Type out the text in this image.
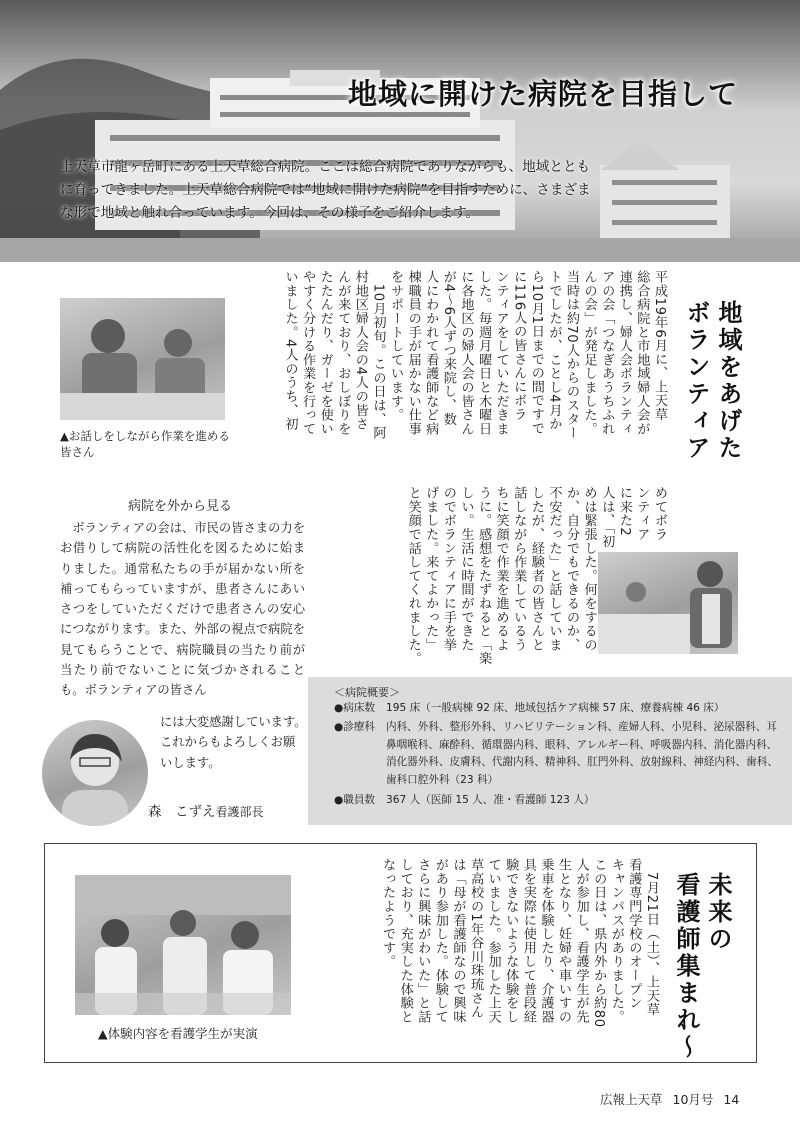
地域に開けた病院を目指して
上天草市龍ヶ岳町にある上天草総合病院。ここは総合病院でありながらも、地域とともに育ってきました。上天草総合病院では“地域に開けた病院”を目指すために、さまざまな形で地域と触れ合っています。今回は、その様子をご紹介します。
地域をあげた
ボランティア
平成19年6月に、上天草
総合病院と市地域婦人会が
連携し、婦人会ボランティ
アの会「つなぎあうちふれ
んの会」が発足しました。
当時は約70人からのスター
トでしたが、ことし4月か
ら10月1日までの間ですで
に116人の皆さんにボラ
ンティアをしていただきま
した。毎週月曜日と木曜日
に各地区の婦人会の皆さん
が4～6人ずつ来院し、数
人にわかれて看護師など病
棟職員の手が届かない仕事
をサポートしています。
　10月初旬。この日は、阿
村地区婦人会の4人の皆さ
んが来ており、おしぼりを
たたんだり、ガーゼを使い
やすく分ける作業を行って
いました。4人のうち、初
めてボラ
ンティア
に来た2
人は、「初
めは緊張した。何をするの
か、自分でもできるのか、
不安だった」と話していま
したが、経験者の皆さんと
話しながら作業しているう
ちに笑顔で作業を進めるよ
うに。感想をたずねると「楽
しい。生活に時間ができた
のでボランティアに手を挙
げました。来てよかった」
と笑顔で話してくれました。
▲お話しをしながら作業を進める皆さん
病院を外から見る
　ボランティアの会は、市民の皆さまの力をお借りして病院の活性化を図るために始まりました。通常私たちの手が届かない所を補ってもらっていますが、患者さんにあいさつをしていただくだけで患者さんの安心につながります。また、外部の視点で病院を見てもらうことで、病院職員の当たり前が当たり前でないことに気づかされることも。ボランティアの皆さん
には大変感謝しています。
これからもよろしくお願
いします。
森　こずえ看護部長
＜病院概要＞
●病床数	195 床（一般病棟 92 床、地域包括ケア病棟 57 床、療養病棟 46 床）
●診療科	内科、外科、整形外科、リハビリテーション科、産婦人科、小児科、泌尿器科、耳鼻咽喉科、麻酔科、循環器内科、眼科、アレルギー科、呼吸器内科、消化器内科、消化器外科、皮膚科、代謝内科、精神科、肛門外科、放射線科、神経内科、歯科、歯科口腔外科（23 科）
●職員数	367 人（医師 15 人、准・看護師 123 人）
未来の
看護師集まれ～
　7月21日（土）、上天草
看護専門学校のオープン
キャンパスがありました。
この日は、県内外から約80
人が参加し、看護学生が先
生となり、妊婦や車いすの
乗車を体験したり、介護器
具を実際に使用して普段経
験できないような体験をし
ていました。参加した上天
草高校の1年谷川珠琉さん
は「母が看護師なので興味
があり参加した。体験して
さらに興味がわいた」と話
しており、充実した体験と
なったようです。
▲体験内容を看護学生が実演
広報上天草 10月号 14
